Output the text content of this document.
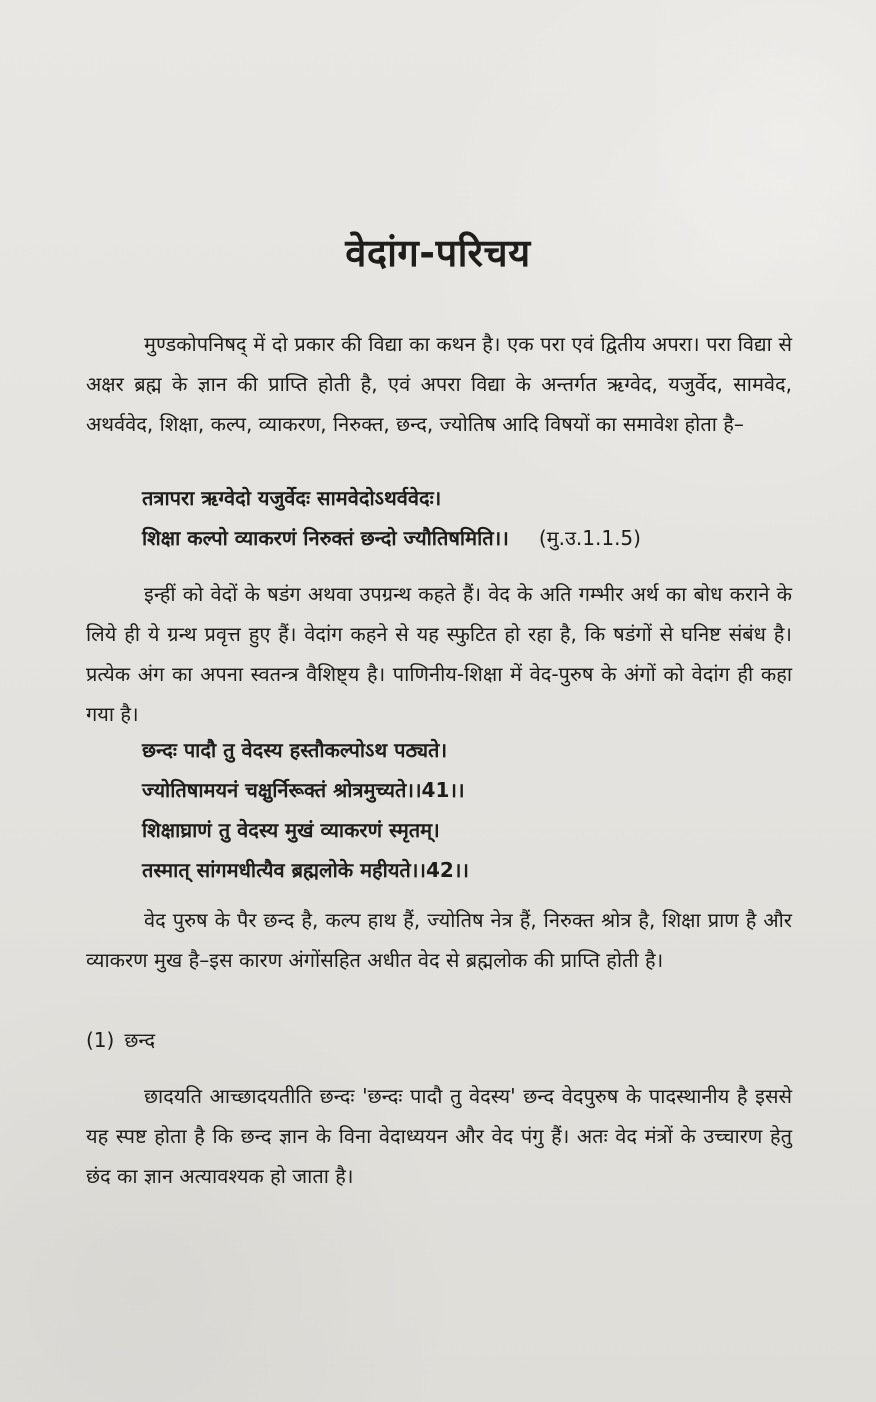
वेदांग-परिचय
मुण्डकोपनिषद् में दो प्रकार की विद्या का कथन है। एक परा एवं द्वितीय अपरा। परा विद्या से अक्षर ब्रह्म के ज्ञान की प्राप्ति होती है, एवं अपरा विद्या के अन्तर्गत ऋग्वेद, यजुर्वेद, सामवेद, अथर्ववेद, शिक्षा, कल्प, व्याकरण, निरुक्त, छन्द, ज्योतिष आदि विषयों का समावेश होता है–
तत्रापरा ऋग्वेदो यजुर्वेदः सामवेदोऽथर्ववेदः।
शिक्षा कल्पो व्याकरणं निरुक्तं छन्दो ज्यौतिषमिति।। (मु.उ.1.1.5)
इन्हीं को वेदों के षडंग अथवा उपग्रन्थ कहते हैं। वेद के अति गम्भीर अर्थ का बोध कराने के लिये ही ये ग्रन्थ प्रवृत्त हुए हैं। वेदांग कहने से यह स्फुटित हो रहा है, कि षडंगों से घनिष्ट संबंध है। प्रत्येक अंग का अपना स्वतन्त्र वैशिष्ट्य है। पाणिनीय-शिक्षा में वेद-पुरुष के अंगों को वेदांग ही कहा गया है।
छन्दः पादौ तु वेदस्य हस्तौकल्पोऽथ पठ्यते।
ज्योतिषामयनं चक्षुर्निरूक्तं श्रोत्रमुच्यते।।41।।
शिक्षाघ्राणं तु वेदस्य मुखं व्याकरणं स्मृतम्।
तस्मात् सांगमधीत्यैव ब्रह्मलोके महीयते।।42।।
वेद पुरुष के पैर छन्द है, कल्प हाथ हैं, ज्योतिष नेत्र हैं, निरुक्त श्रोत्र है, शिक्षा प्राण है और व्याकरण मुख है–इस कारण अंगोंसहित अधीत वेद से ब्रह्मलोक की प्राप्ति होती है।
(1) छन्द
छादयति आच्छादयतीति छन्दः 'छन्दः पादौ तु वेदस्य' छन्द वेदपुरुष के पादस्थानीय है इससे यह स्पष्ट होता है कि छन्द ज्ञान के विना वेदाध्ययन और वेद पंगु हैं। अतः वेद मंत्रों के उच्चारण हेतु छंद का ज्ञान अत्यावश्यक हो जाता है।
